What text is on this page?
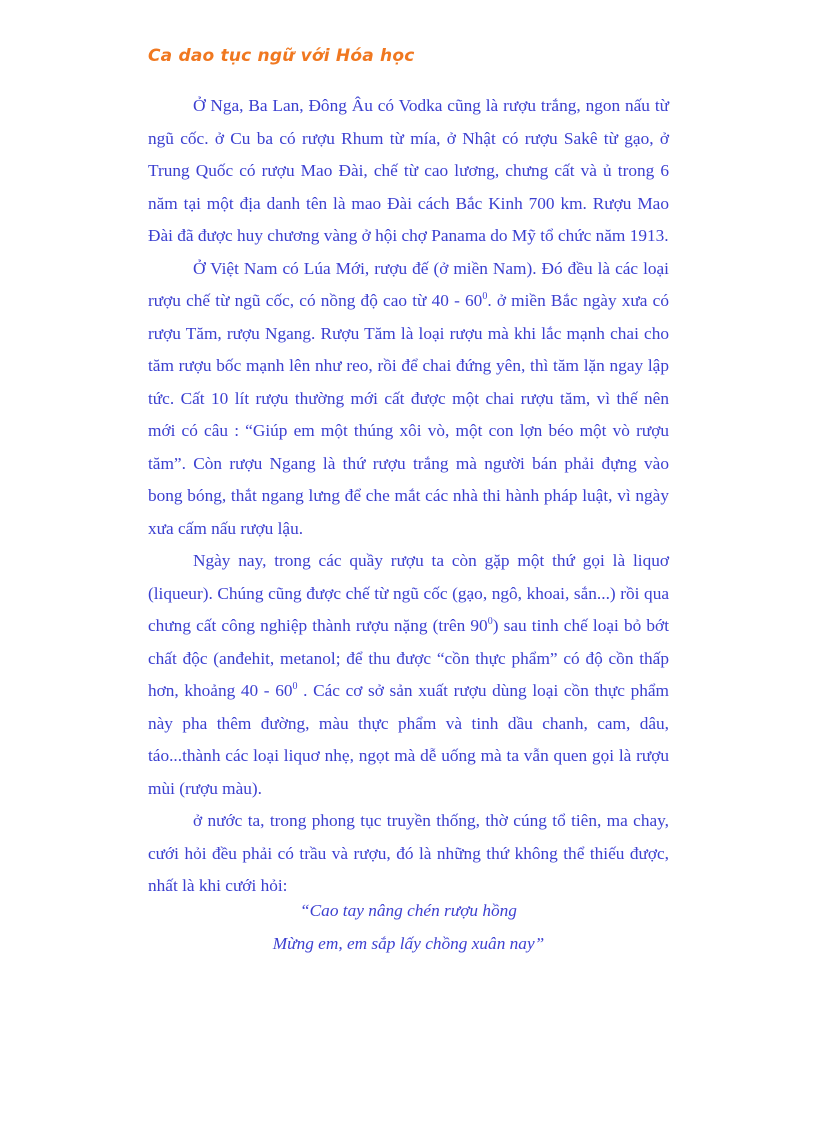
Ca dao tục ngữ với Hóa học

Ở Nga, Ba Lan, Đông Âu có Vodka cũng là rượu trắng, ngon nấu từ ngũ cốc. ở Cu ba có rượu Rhum từ mía, ở Nhật có rượu Sakê từ gạo, ở Trung Quốc có rượu Mao Đài, chế từ cao lương, chưng cất và ủ trong 6 năm tại một địa danh tên là mao Đài cách Bắc Kinh 700 km. Rượu Mao Đài đã được huy chương vàng ở hội chợ Panama do Mỹ tổ chức năm 1913.

Ở Việt Nam có Lúa Mới, rượu đế (ở miền Nam). Đó đều là các loại rượu chế từ ngũ cốc, có nồng độ cao từ $40 - 60^0$. ở miền Bắc ngày xưa có rượu Tăm, rượu Ngang. Rượu Tăm là loại rượu mà khi lắc mạnh chai cho tăm rượu bốc mạnh lên như reo, rồi để chai đứng yên, thì tăm lặn ngay lập tức. Cất 10 lít rượu thường mới cất được một chai rượu tăm, vì thế nên mới có câu : “Giúp em một thúng xôi vò, một con lợn béo một vò rượu tăm”. Còn rượu Ngang là thứ rượu trắng mà người bán phải đựng vào bong bóng, thắt ngang lưng để che mắt các nhà thi hành pháp luật, vì ngày xưa cấm nấu rượu lậu.

Ngày nay, trong các quầy rượu ta còn gặp một thứ gọi là liquơ (liqueur). Chúng cũng được chế từ ngũ cốc (gạo, ngô, khoai, sắn...) rồi qua chưng cất công nghiệp thành rượu nặng (trên $90^0$) sau tinh chế loại bỏ bớt chất độc (anđehit, metanol; để thu được “cồn thực phẩm” có độ cồn thấp hơn, khoảng $40 - 60^0$ . Các cơ sở sản xuất rượu dùng loại cồn thực phẩm này pha thêm đường, màu thực phẩm và tinh dầu chanh, cam, dâu, táo...thành các loại liquơ nhẹ, ngọt mà dễ uống mà ta vẫn quen gọi là rượu mùi (rượu màu).

ở nước ta, trong phong tục truyền thống, thờ cúng tổ tiên, ma chay, cưới hỏi đều phải có trầu và rượu, đó là những thứ không thể thiếu được, nhất là khi cưới hỏi:

“Cao tay nâng chén rượu hồng
Mừng em, em sắp lấy chồng xuân nay”
